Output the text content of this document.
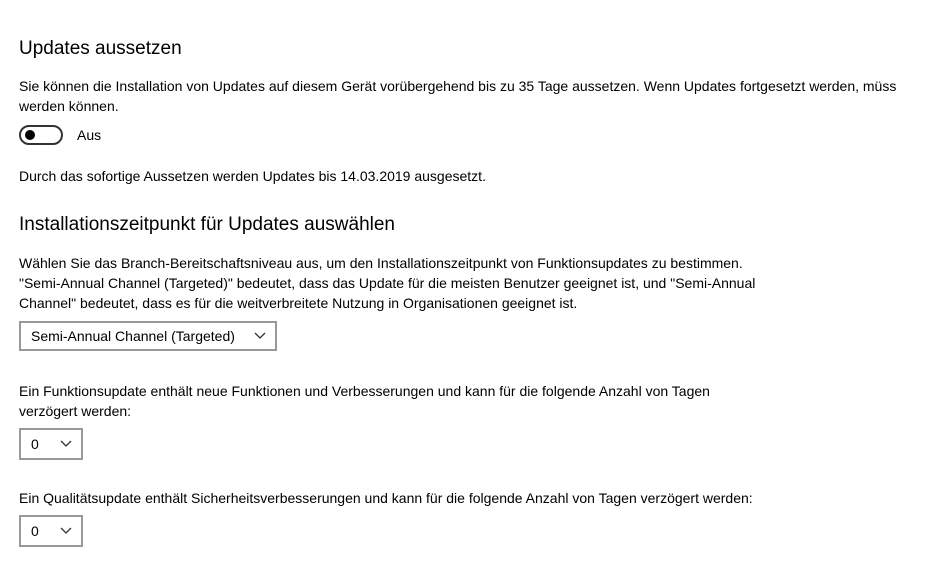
Updates aussetzen

Sie können die Installation von Updates auf diesem Gerät vorübergehend bis zu 35 Tage aussetzen. Wenn Updates fortgesetzt werden, müss

werden können.

Aus

Durch das sofortige Aussetzen werden Updates bis 14.03.2019 ausgesetzt.

Installationszeitpunkt für Updates auswählen

Wählen Sie das Branch-Bereitschaftsniveau aus, um den Installationszeitpunkt von Funktionsupdates zu bestimmen.

"Semi-Annual Channel (Targeted)" bedeutet, dass das Update für die meisten Benutzer geeignet ist, und "Semi-Annual

Channel" bedeutet, dass es für die weitverbreitete Nutzung in Organisationen geeignet ist.

Semi-Annual Channel (Targeted)

Ein Funktionsupdate enthält neue Funktionen und Verbesserungen und kann für die folgende Anzahl von Tagen

verzögert werden:

0

Ein Qualitätsupdate enthält Sicherheitsverbesserungen und kann für die folgende Anzahl von Tagen verzögert werden:

0
